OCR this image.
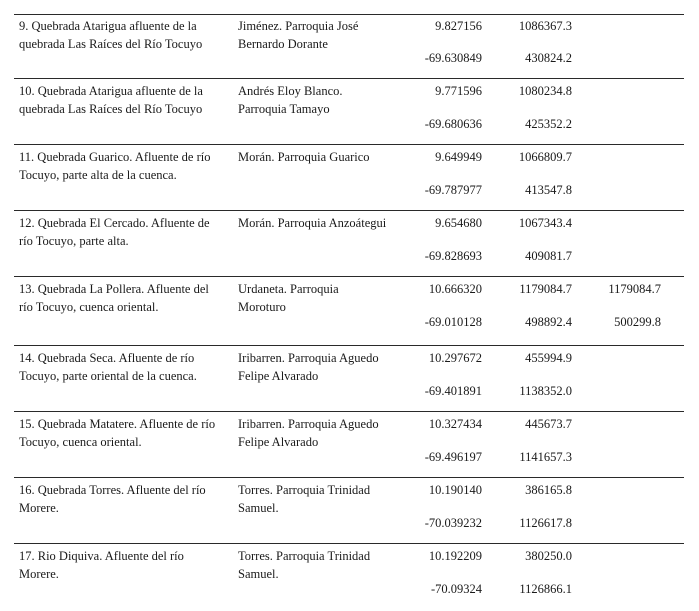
9. Quebrada Atarigua afluente de la quebrada Las Raíces del Río Tocuyo
Jiménez. Parroquia José Bernardo Dorante
9.827156	1086367.3
-69.630849	430824.2
10. Quebrada Atarigua afluente de la quebrada Las Raíces del Río Tocuyo
Andrés Eloy Blanco. Parroquia Tamayo
9.771596	1080234.8
-69.680636	425352.2
11. Quebrada Guarico. Afluente de río Tocuyo, parte alta de la cuenca.
Morán. Parroquia Guarico	9.649949	1066809.7
-69.787977	413547.8
12. Quebrada El Cercado. Afluente de río Tocuyo, parte alta.
Morán. Parroquia Anzoátegui	9.654680	1067343.4
-69.828693	409081.7
13. Quebrada La Pollera. Afluente del río Tocuyo, cuenca oriental.
Urdaneta. Parroquia Moroturo
10.666320	1179084.7	1179084.7
-69.010128	498892.4	500299.8
14. Quebrada Seca. Afluente de río Tocuyo, parte oriental de la cuenca.
Iribarren. Parroquia Aguedo Felipe Alvarado
10.297672	455994.9
-69.401891	1138352.0
15. Quebrada Matatere. Afluente de río Tocuyo, cuenca oriental.
Iribarren. Parroquia Aguedo Felipe Alvarado
10.327434	445673.7
-69.496197	1141657.3
16. Quebrada Torres. Afluente del río Morere.
Torres. Parroquia Trinidad Samuel.
10.190140	386165.8
-70.039232	1126617.8
17. Rio Diquiva. Afluente del río Morere.
Torres. Parroquia Trinidad Samuel.
10.192209	380250.0
-70.09324	1126866.1
